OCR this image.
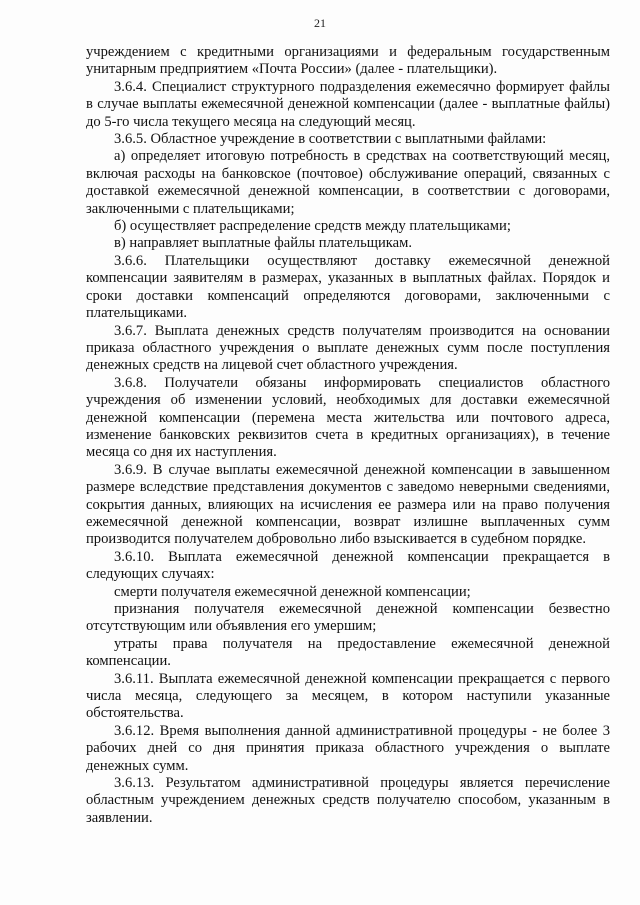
21

учреждением с кредитными организациями и федеральным государственным унитарным предприятием «Почта России» (далее - плательщики).

3.6.4. Специалист структурного подразделения ежемесячно формирует файлы в случае выплаты ежемесячной денежной компенсации (далее - выплатные файлы) до 5-го числа текущего месяца на следующий месяц.

3.6.5. Областное учреждение в соответствии с выплатными файлами:

а) определяет итоговую потребность в средствах на соответствующий месяц, включая расходы на банковское (почтовое) обслуживание операций, связанных с доставкой ежемесячной денежной компенсации, в соответствии с договорами, заключенными с плательщиками;

б) осуществляет распределение средств между плательщиками;

в) направляет выплатные файлы плательщикам.

3.6.6. Плательщики осуществляют доставку ежемесячной денежной компенсации заявителям в размерах, указанных в выплатных файлах. Порядок и сроки доставки компенсаций определяются договорами, заключенными с плательщиками.

3.6.7. Выплата денежных средств получателям производится на основании приказа областного учреждения о выплате денежных сумм после поступления денежных средств на лицевой счет областного учреждения.

3.6.8. Получатели обязаны информировать специалистов областного учреждения об изменении условий, необходимых для доставки ежемесячной денежной компенсации (перемена места жительства или почтового адреса, изменение банковских реквизитов счета в кредитных организациях), в течение месяца со дня их наступления.

3.6.9. В случае выплаты ежемесячной денежной компенсации в завышенном размере вследствие представления документов с заведомо неверными сведениями, сокрытия данных, влияющих на исчисления ее размера или на право получения ежемесячной денежной компенсации, возврат излишне выплаченных сумм производится получателем добровольно либо взыскивается в судебном порядке.

3.6.10. Выплата ежемесячной денежной компенсации прекращается в следующих случаях:

смерти получателя ежемесячной денежной компенсации;

признания получателя ежемесячной денежной компенсации безвестно отсутствующим или объявления его умершим;

утраты права получателя на предоставление ежемесячной денежной компенсации.

3.6.11. Выплата ежемесячной денежной компенсации прекращается с первого числа месяца, следующего за месяцем, в котором наступили указанные обстоятельства.

3.6.12. Время выполнения данной административной процедуры - не более 3 рабочих дней со дня принятия приказа областного учреждения о выплате денежных сумм.

3.6.13. Результатом административной процедуры является перечисление областным учреждением денежных средств получателю способом, указанным в заявлении.
